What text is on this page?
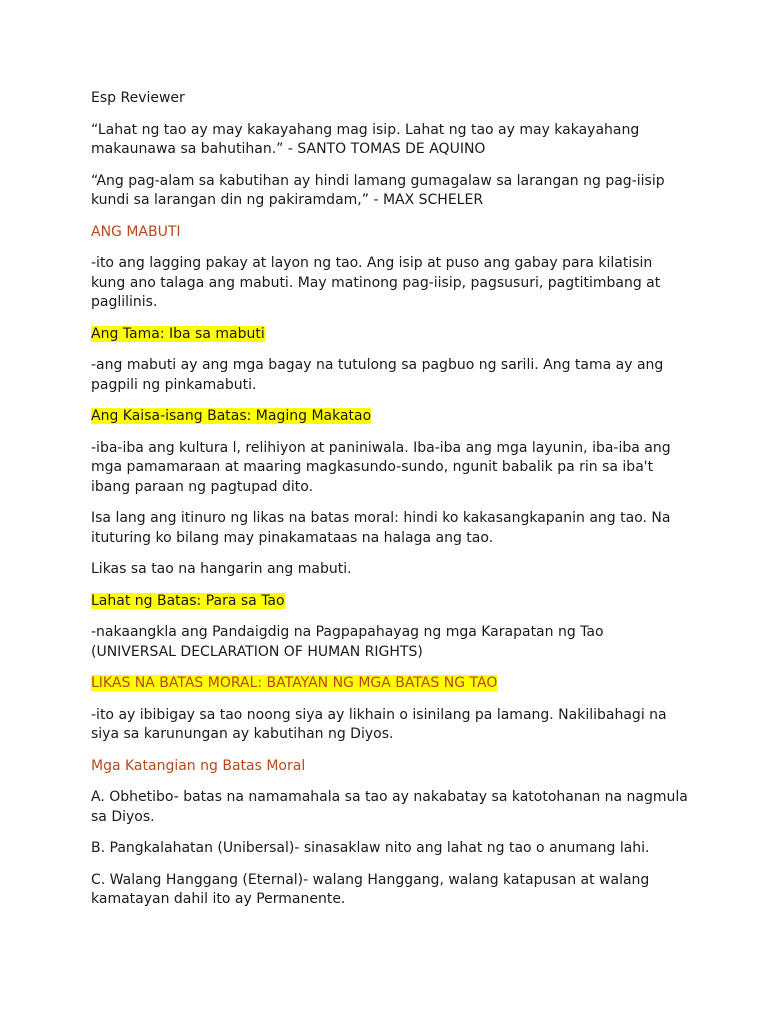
Esp Reviewer

“Lahat ng tao ay may kakayahang mag isip. Lahat ng tao ay may kakayahang makaunawa sa bahutihan.” - SANTO TOMAS DE AQUINO

“Ang pag-alam sa kabutihan ay hindi lamang gumagalaw sa larangan ng pag-iisip kundi sa larangan din ng pakiramdam,” - MAX SCHELER

ANG MABUTI

-ito ang lagging pakay at layon ng tao. Ang isip at puso ang gabay para kilatisin kung ano talaga ang mabuti. May matinong pag-iisip, pagsusuri, pagtitimbang at paglilinis.

Ang Tama: Iba sa mabuti

-ang mabuti ay ang mga bagay na tutulong sa pagbuo ng sarili. Ang tama ay ang pagpili ng pinkamabuti.

Ang Kaisa-isang Batas: Maging Makatao

-iba-iba ang kultura l, relihiyon at paniniwala. Iba-iba ang mga layunin, iba-iba ang mga pamamaraan at maaring magkasundo-sundo, ngunit babalik pa rin sa iba't ibang paraan ng pagtupad dito.

Isa lang ang itinuro ng likas na batas moral: hindi ko kakasangkapanin ang tao. Na ituturing ko bilang may pinakamataas na halaga ang tao.

Likas sa tao na hangarin ang mabuti.

Lahat ng Batas: Para sa Tao

-nakaangkla ang Pandaigdig na Pagpapahayag ng mga Karapatan ng Tao (UNIVERSAL DECLARATION OF HUMAN RIGHTS)

LIKAS NA BATAS MORAL: BATAYAN NG MGA BATAS NG TAO

-ito ay ibibigay sa tao noong siya ay likhain o isinilang pa lamang. Nakilibahagi na siya sa karunungan ay kabutihan ng Diyos.

Mga Katangian ng Batas Moral

A. Obhetibo- batas na namamahala sa tao ay nakabatay sa katotohanan na nagmula sa Diyos.

B. Pangkalahatan (Unibersal)- sinasaklaw nito ang lahat ng tao o anumang lahi.

C. Walang Hanggang (Eternal)- walang Hanggang, walang katapusan at walang kamatayan dahil ito ay Permanente.
